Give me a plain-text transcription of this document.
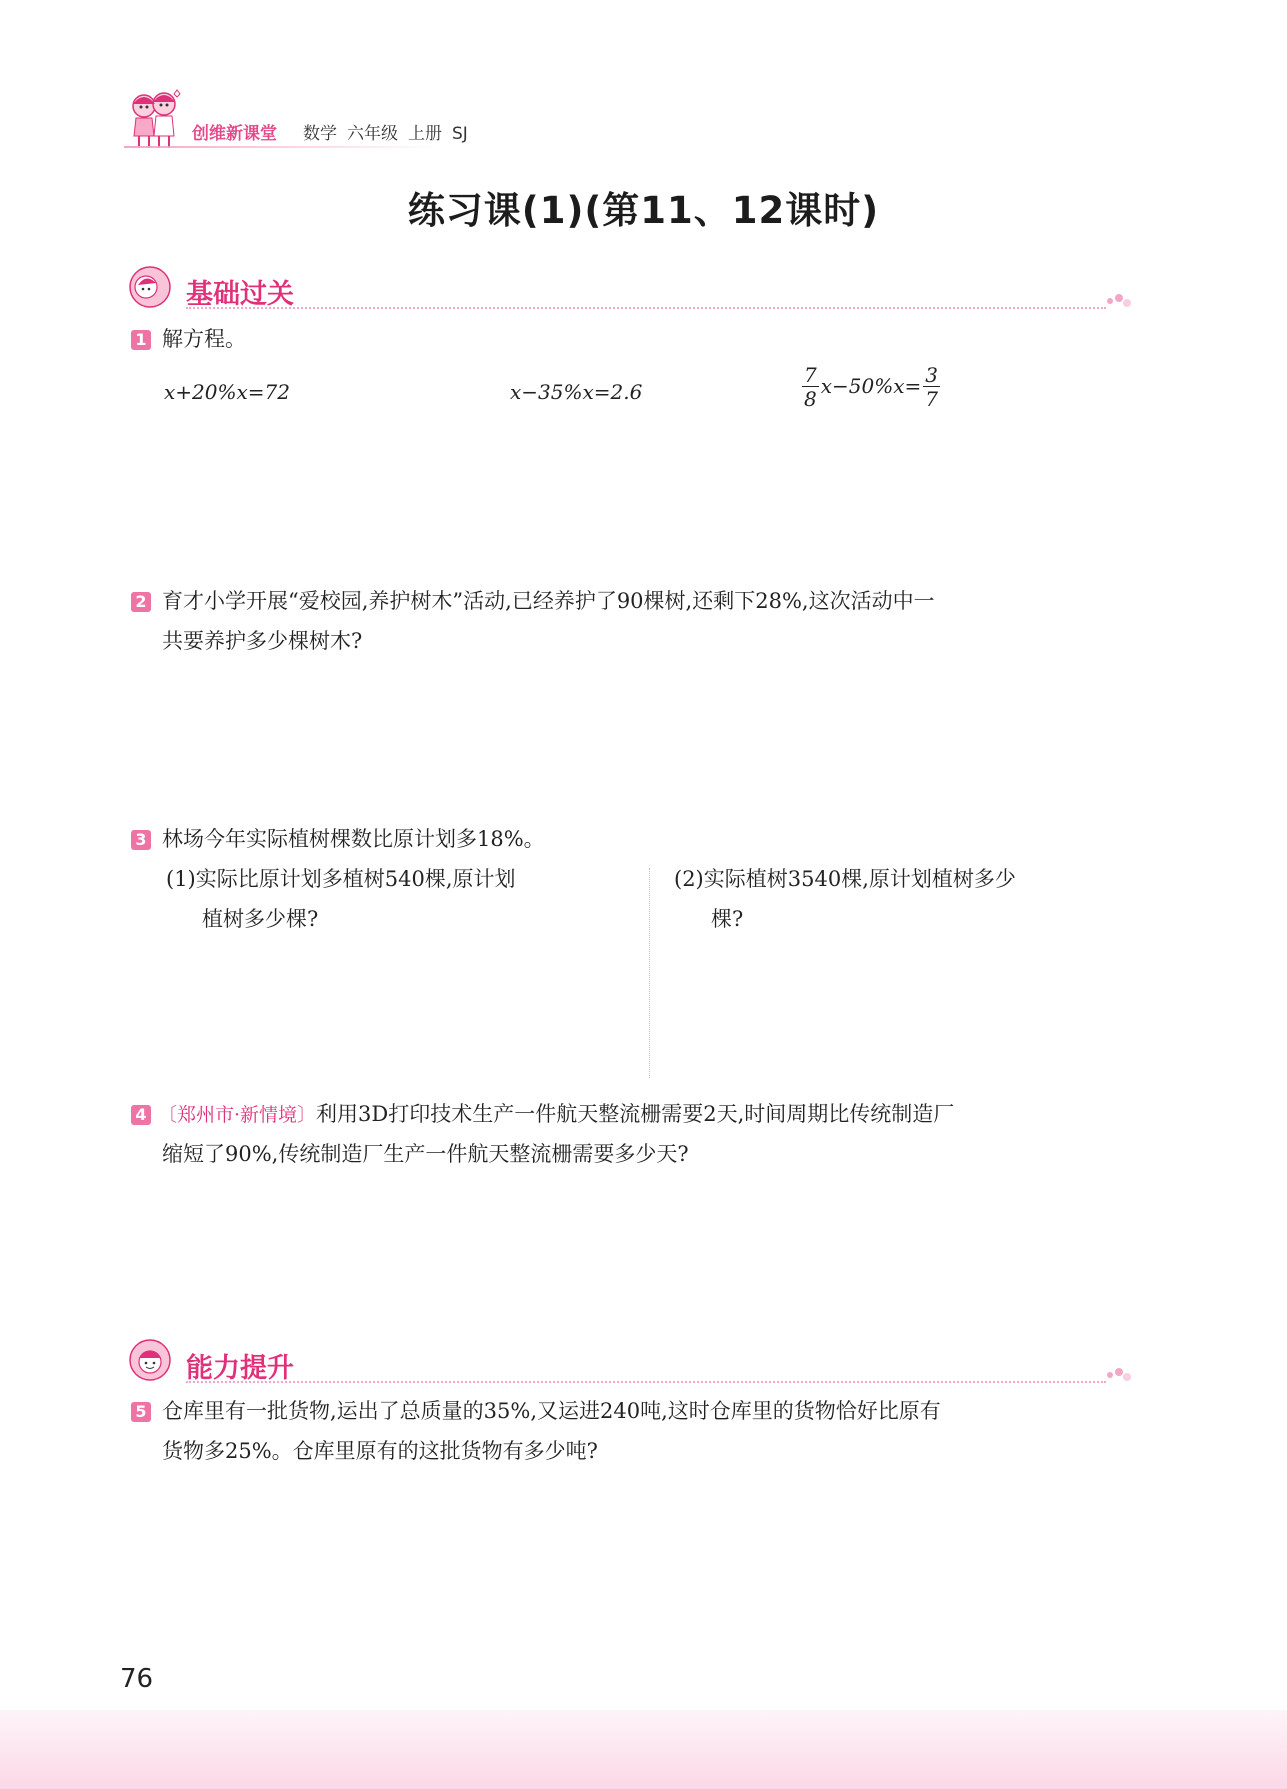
创维新课堂 数学 六年级 上册 SJ
练习课(1)(第11、12课时)
基础过关
1 解方程。
x+20%x=72	x−35%x=2.6	$\frac{7}{8} x-50\%x= \frac{3}{7}$
2 育才小学开展“爱校园,养护树木”活动,已经养护了90棵树,还剩下28%,这次活动中一
共要养护多少棵树木?
3 林场今年实际植树棵数比原计划多18%。
(1)实际比原计划多植树540棵,原计划
植树多少棵?
(2)实际植树3540棵,原计划植树多少
棵?
4 〔郑州市·新情境〕利用3D打印技术生产一件航天整流栅需要2天,时间周期比传统制造厂
缩短了90%,传统制造厂生产一件航天整流栅需要多少天?
能力提升
5 仓库里有一批货物,运出了总质量的35%,又运进240吨,这时仓库里的货物恰好比原有
货物多25%。仓库里原有的这批货物有多少吨?
76
